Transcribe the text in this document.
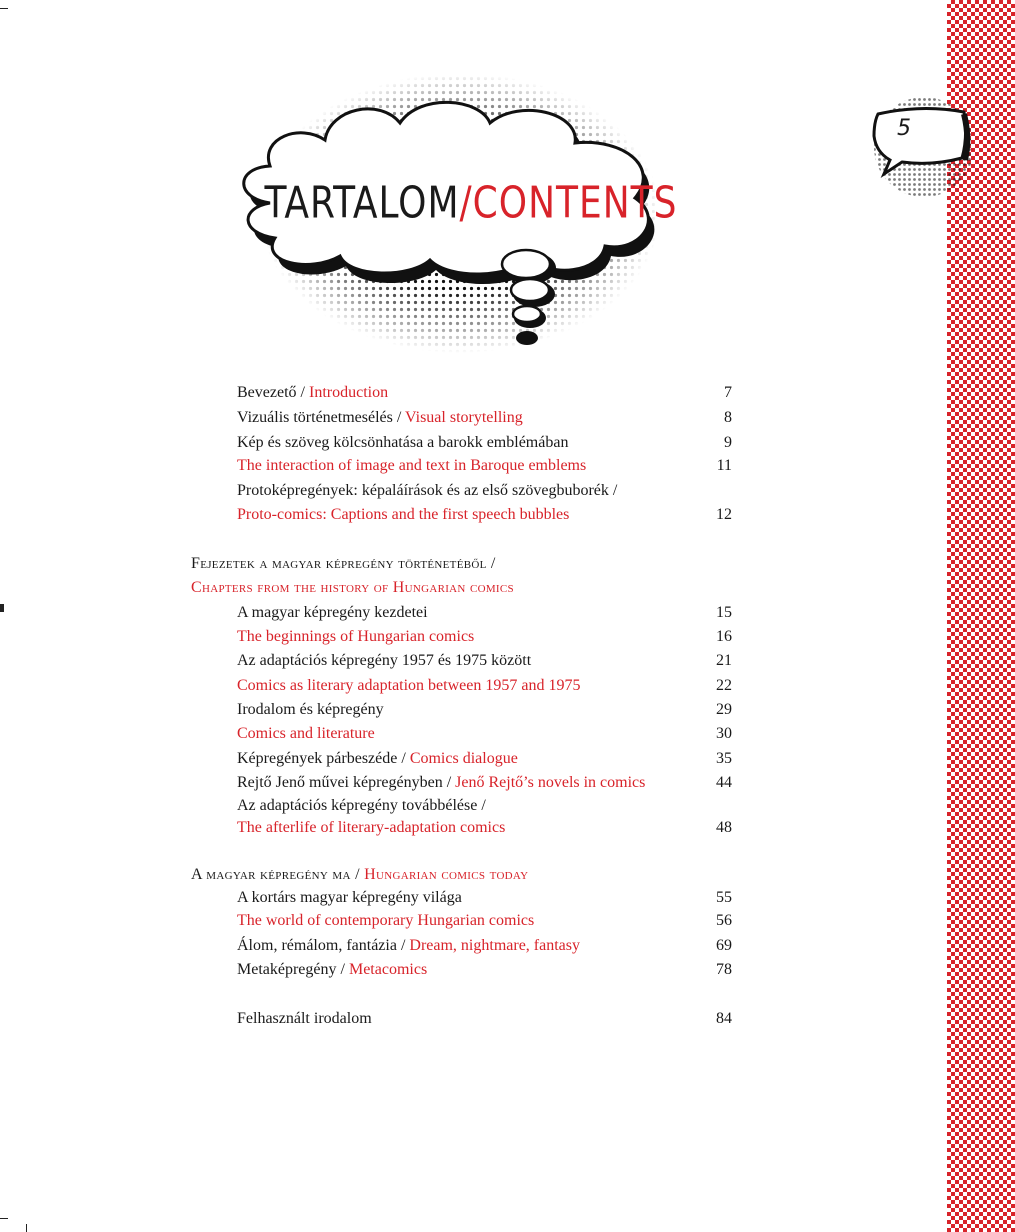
5
TARTALOM/CONTENTS
Bevezető / Introduction	7
Vizuális történetmesélés / Visual storytelling	8
Kép és szöveg kölcsönhatása a barokk emblémában	9
The interaction of image and text in Baroque emblems	11
Protoképregények: képaláírások és az első szövegbuborék /
Proto-comics: Captions and the first speech bubbles	12
Fejezetek a magyar képregény történetéből /
Chapters from the history of Hungarian comics
A magyar képregény kezdetei	15
The beginnings of Hungarian comics	16
Az adaptációs képregény 1957 és 1975 között	21
Comics as literary adaptation between 1957 and 1975	22
Irodalom és képregény	29
Comics and literature	30
Képregények párbeszéde / Comics dialogue	35
Rejtő Jenő művei képregényben / Jenő Rejtő’s novels in comics	44
Az adaptációs képregény továbbélése /
The afterlife of literary-adaptation comics	48
A magyar képregény ma / Hungarian comics today
A kortárs magyar képregény világa	55
The world of contemporary Hungarian comics	56
Álom, rémálom, fantázia / Dream, nightmare, fantasy	69
Metaképregény / Metacomics	78
Felhasznált irodalom	84
